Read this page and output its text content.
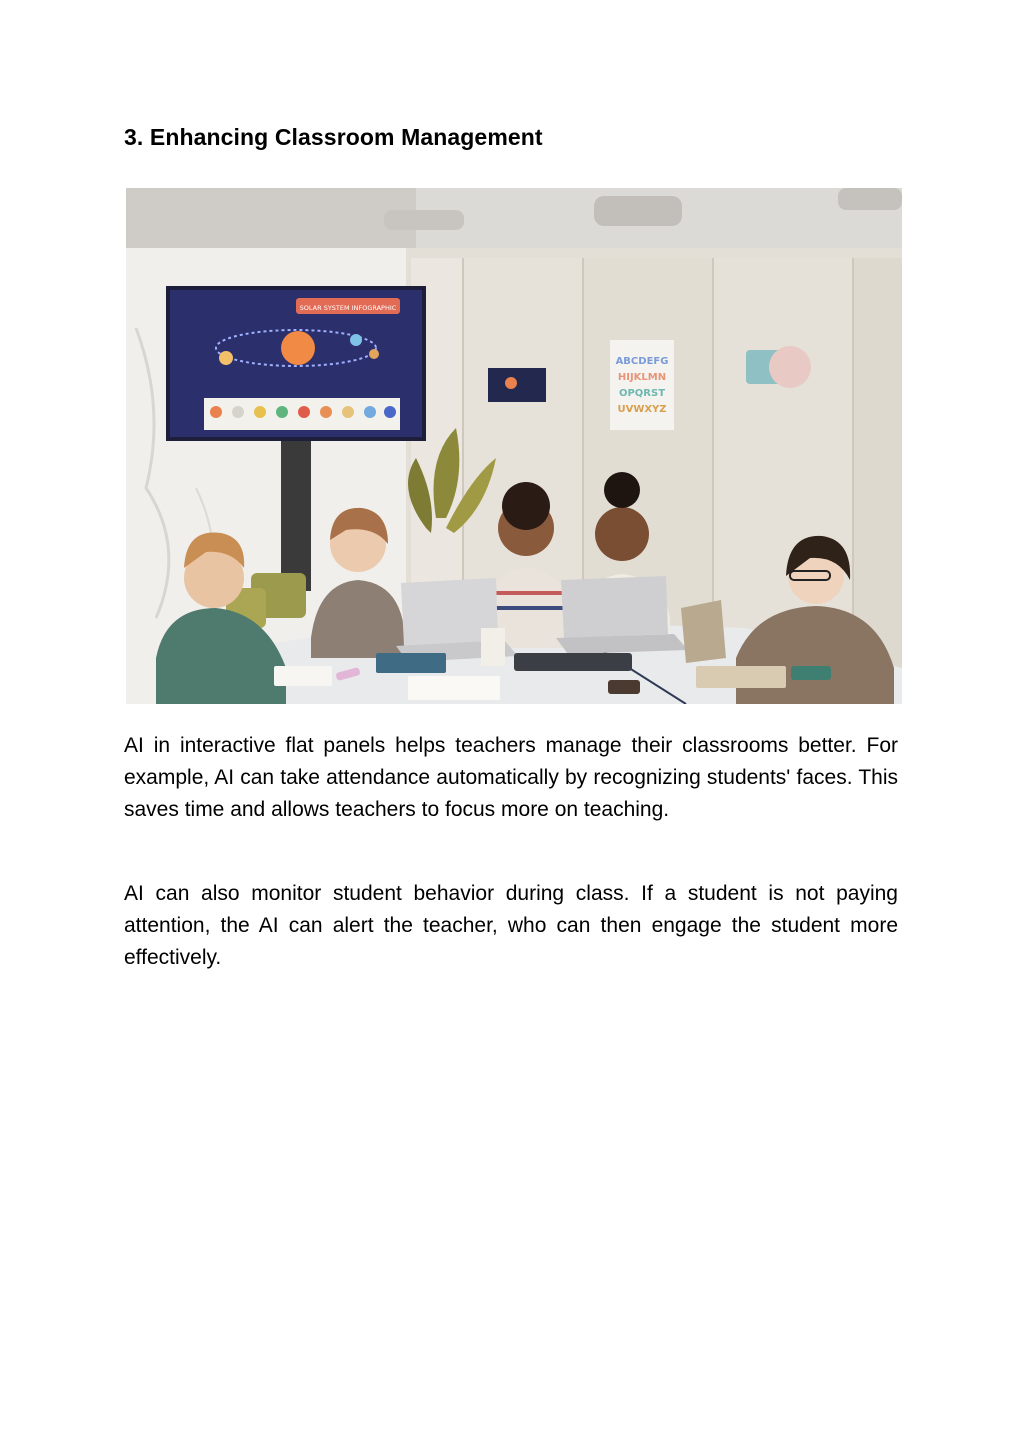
3. Enhancing Classroom Management
SOLAR SYSTEM INFOGRAPHIC
ABCDEFG
HIJKLMN
OPQRST
UVWXYZ

AI in interactive flat panels helps teachers manage their classrooms better. For example, AI can take attendance automatically by recognizing students' faces. This saves time and allows teachers to focus more on teaching.

AI can also monitor student behavior during class. If a student is not paying attention, the AI can alert the teacher, who can then engage the student more effectively.
